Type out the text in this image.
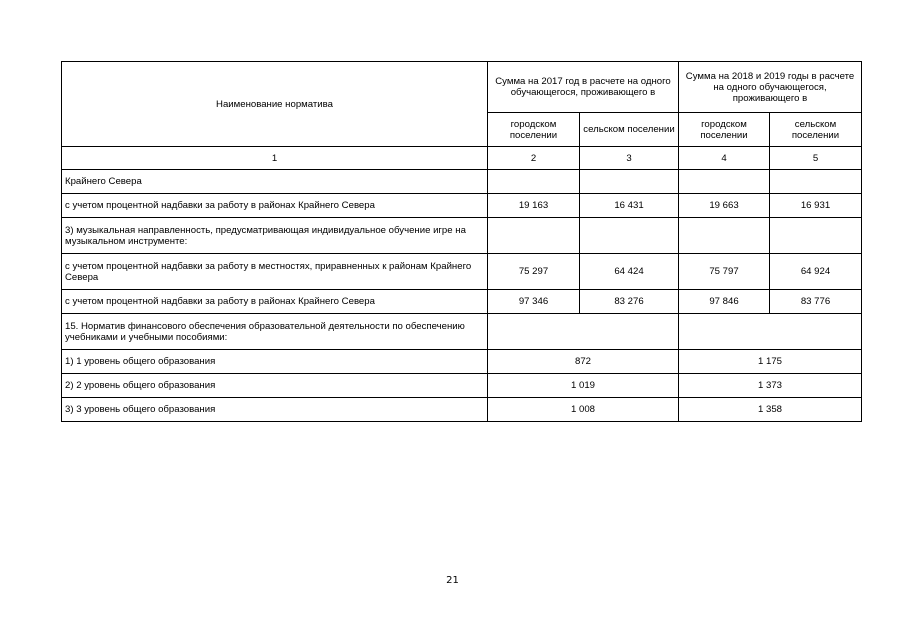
Наименование норматива	Сумма на 2017 год в расчете на одного обучающегося, проживающего в		Сумма на 2018 и 2019 годы в расчете на одного обучающегося, проживающего в	
	городском поселении	сельском поселении	городском поселении	сельском поселении
1	2	3	4	5
Крайнего Севера				
с учетом процентной надбавки за работу в районах Крайнего Севера	19 163	16 431	19 663	16 931
3) музыкальная направленность, предусматривающая индивидуальное обучение игре на музыкальном инструменте:				
с учетом процентной надбавки за работу в местностях, приравненных к районам Крайнего Севера	75 297	64 424	75 797	64 924
с учетом процентной надбавки за работу в районах Крайнего Севера	97 346	83 276	97 846	83 776
15. Норматив финансового обеспечения образовательной деятельности по обеспечению учебниками и учебными пособиями:				
1) 1 уровень общего образования	872		1 175	
2) 2 уровень общего образования	1 019		1 373	
3) 3 уровень общего образования	1 008		1 358	
21
